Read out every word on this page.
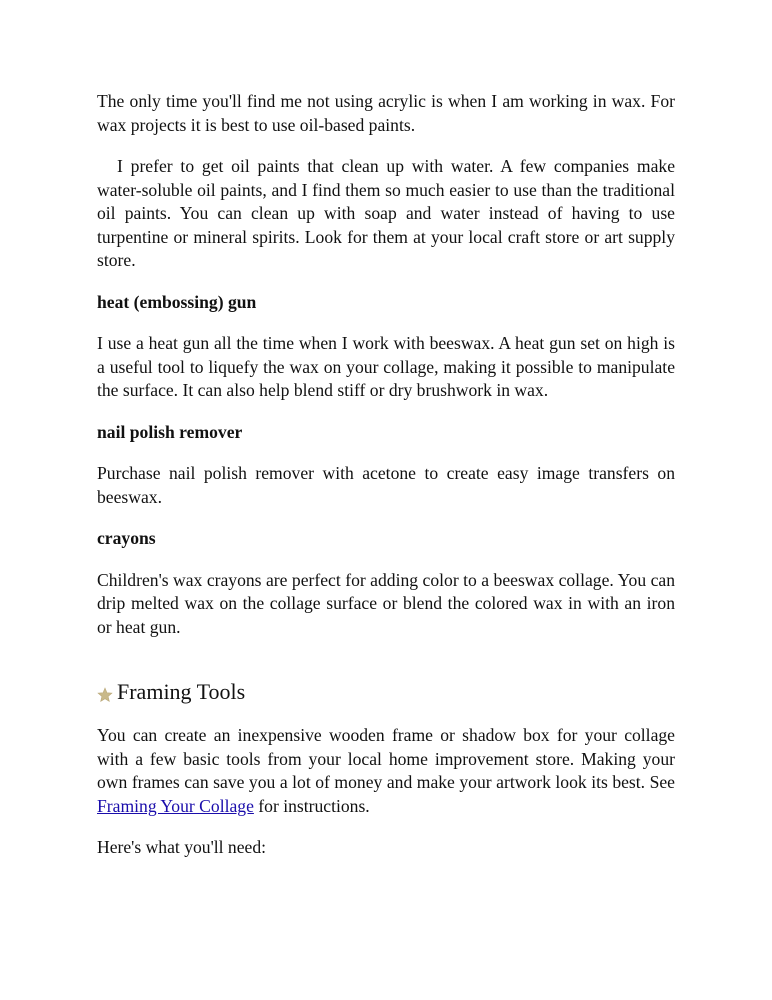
The only time you'll find me not using acrylic is when I am working in wax. For wax projects it is best to use oil-based paints.

I prefer to get oil paints that clean up with water. A few companies make water-soluble oil paints, and I find them so much easier to use than the traditional oil paints. You can clean up with soap and water instead of having to use turpentine or mineral spirits. Look for them at your local craft store or art supply store.

heat (embossing) gun

I use a heat gun all the time when I work with beeswax. A heat gun set on high is a useful tool to liquefy the wax on your collage, making it possible to manipulate the surface. It can also help blend stiff or dry brushwork in wax.

nail polish remover

Purchase nail polish remover with acetone to create easy image transfers on beeswax.

crayons

Children's wax crayons are perfect for adding color to a beeswax collage. You can drip melted wax on the collage surface or blend the colored wax in with an iron or heat gun.

Framing Tools

You can create an inexpensive wooden frame or shadow box for your collage with a few basic tools from your local home improvement store. Making your own frames can save you a lot of money and make your artwork look its best. See Framing Your Collage for instructions.

Here's what you'll need:
